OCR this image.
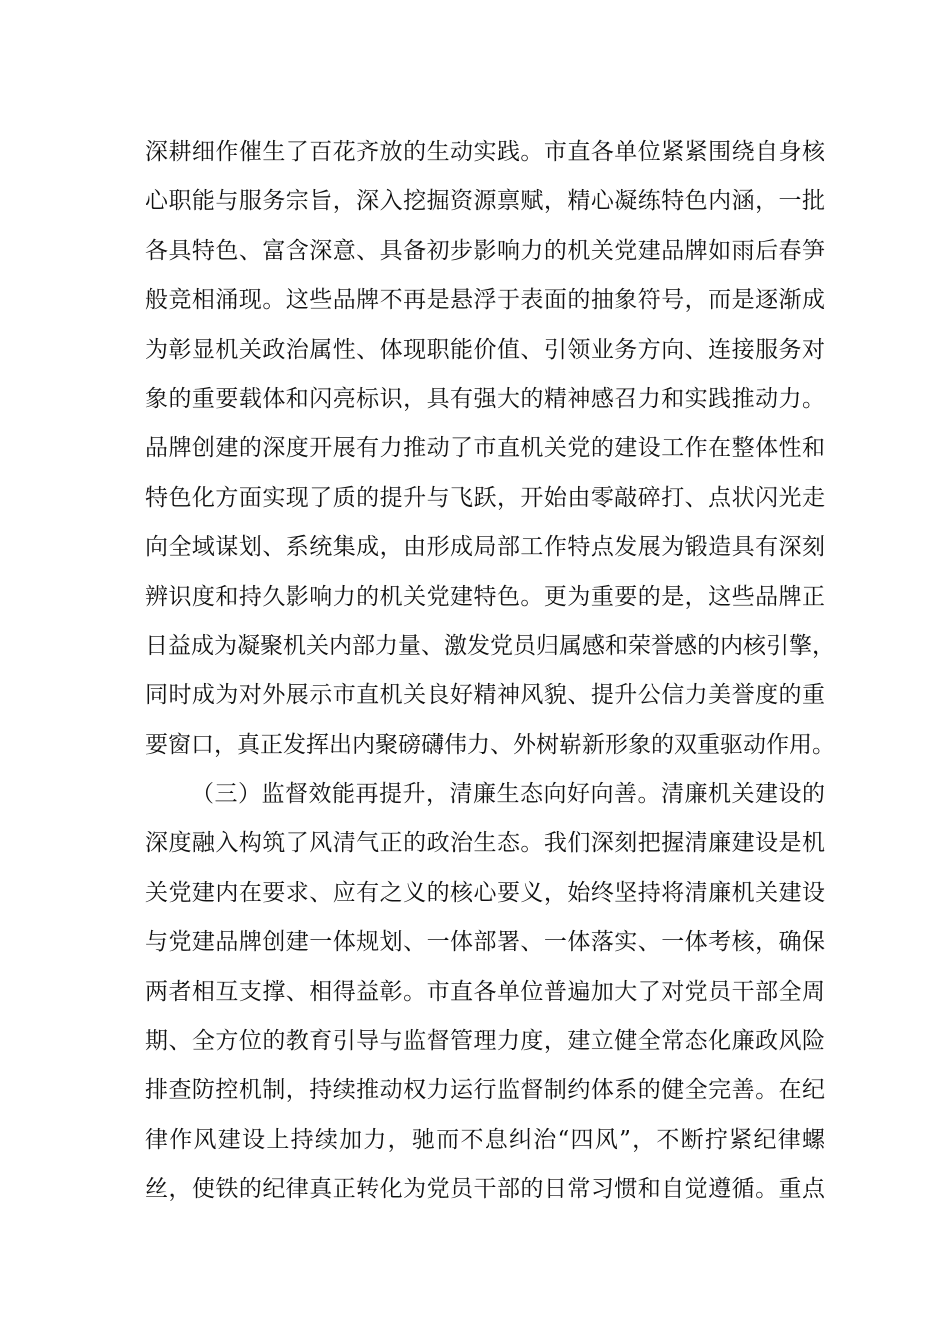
深耕细作催生了百花齐放的生动实践。市直各单位紧紧围绕自身核
心职能与服务宗旨，深入挖掘资源禀赋，精心凝练特色内涵，一批
各具特色、富含深意、具备初步影响力的机关党建品牌如雨后春笋
般竞相涌现。这些品牌不再是悬浮于表面的抽象符号，而是逐渐成
为彰显机关政治属性、体现职能价值、引领业务方向、连接服务对
象的重要载体和闪亮标识，具有强大的精神感召力和实践推动力。
品牌创建的深度开展有力推动了市直机关党的建设工作在整体性和
特色化方面实现了质的提升与飞跃，开始由零敲碎打、点状闪光走
向全域谋划、系统集成，由形成局部工作特点发展为锻造具有深刻
辨识度和持久影响力的机关党建特色。更为重要的是，这些品牌正
日益成为凝聚机关内部力量、激发党员归属感和荣誉感的内核引擎，
同时成为对外展示市直机关良好精神风貌、提升公信力美誉度的重
要窗口，真正发挥出内聚磅礴伟力、外树崭新形象的双重驱动作用。
（三）监督效能再提升，清廉生态向好向善。清廉机关建设的
深度融入构筑了风清气正的政治生态。我们深刻把握清廉建设是机
关党建内在要求、应有之义的核心要义，始终坚持将清廉机关建设
与党建品牌创建一体规划、一体部署、一体落实、一体考核，确保
两者相互支撑、相得益彰。市直各单位普遍加大了对党员干部全周
期、全方位的教育引导与监督管理力度，建立健全常态化廉政风险
排查防控机制，持续推动权力运行监督制约体系的健全完善。在纪
律作风建设上持续加力，驰而不息纠治“四风”，不断拧紧纪律螺
丝，使铁的纪律真正转化为党员干部的日常习惯和自觉遵循。重点
